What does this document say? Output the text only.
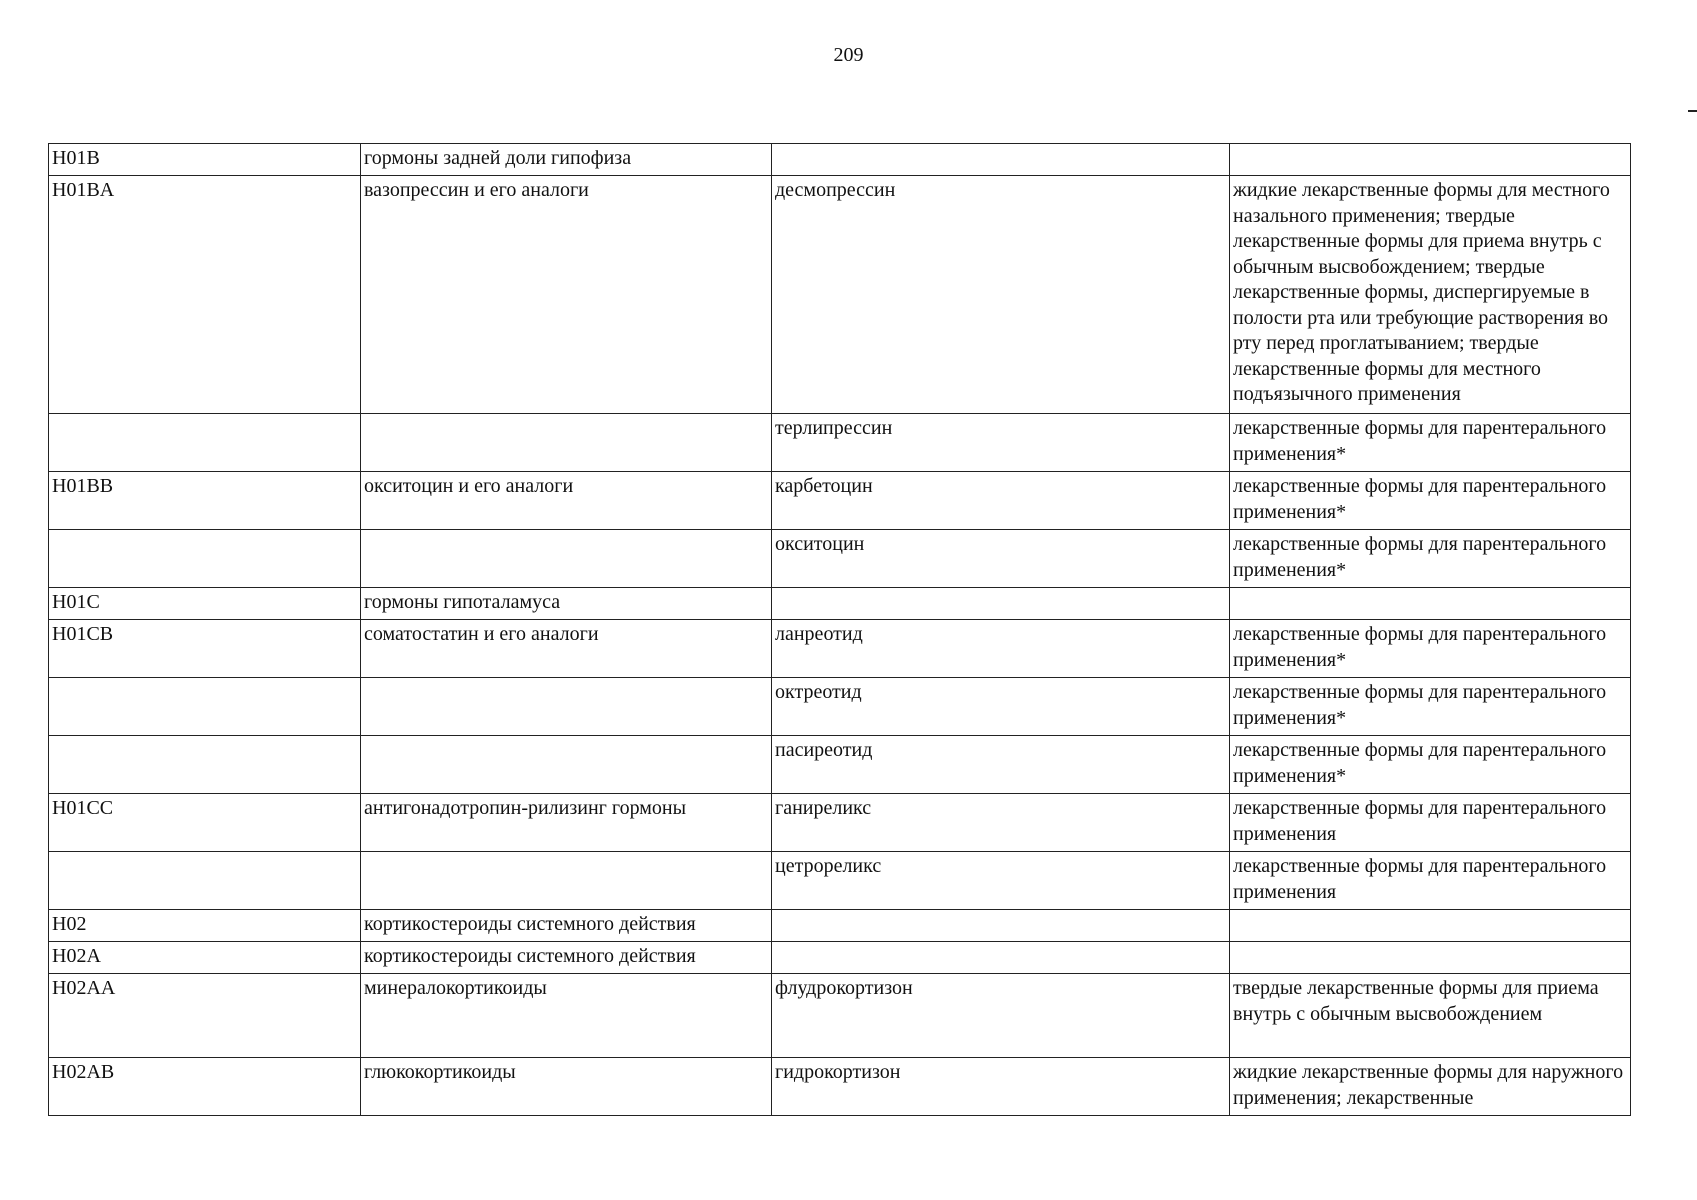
209
H01B	гормоны задней доли гипофиза		
H01BA	вазопрессин и его аналоги	десмопрессин	жидкие лекарственные формы для местного назального применения; твердые лекарственные формы для приема внутрь с обычным высвобождением; твердые лекарственные формы, диспергируемые в полости рта или требующие растворения во рту перед проглатыванием; твердые лекарственные формы для местного подъязычного применения
		терлипрессин	лекарственные формы для парентерального применения*
H01BB	окситоцин и его аналоги	карбетоцин	лекарственные формы для парентерального применения*
		окситоцин	лекарственные формы для парентерального применения*
H01C	гормоны гипоталамуса		
H01CB	соматостатин и его аналоги	ланреотид	лекарственные формы для парентерального применения*
		октреотид	лекарственные формы для парентерального применения*
		пасиреотид	лекарственные формы для парентерального применения*
H01CC	антигонадотропин-рилизинг гормоны	ганиреликс	лекарственные формы для парентерального применения
		цетрореликс	лекарственные формы для парентерального применения
H02	кортикостероиды системного действия		
H02A	кортикостероиды системного действия		
H02AA	минералокортикоиды	флудрокортизон	твердые лекарственные формы для приема внутрь с обычным высвобождением
H02AB	глюкокортикоиды	гидрокортизон	жидкие лекарственные формы для наружного применения; лекарственные
